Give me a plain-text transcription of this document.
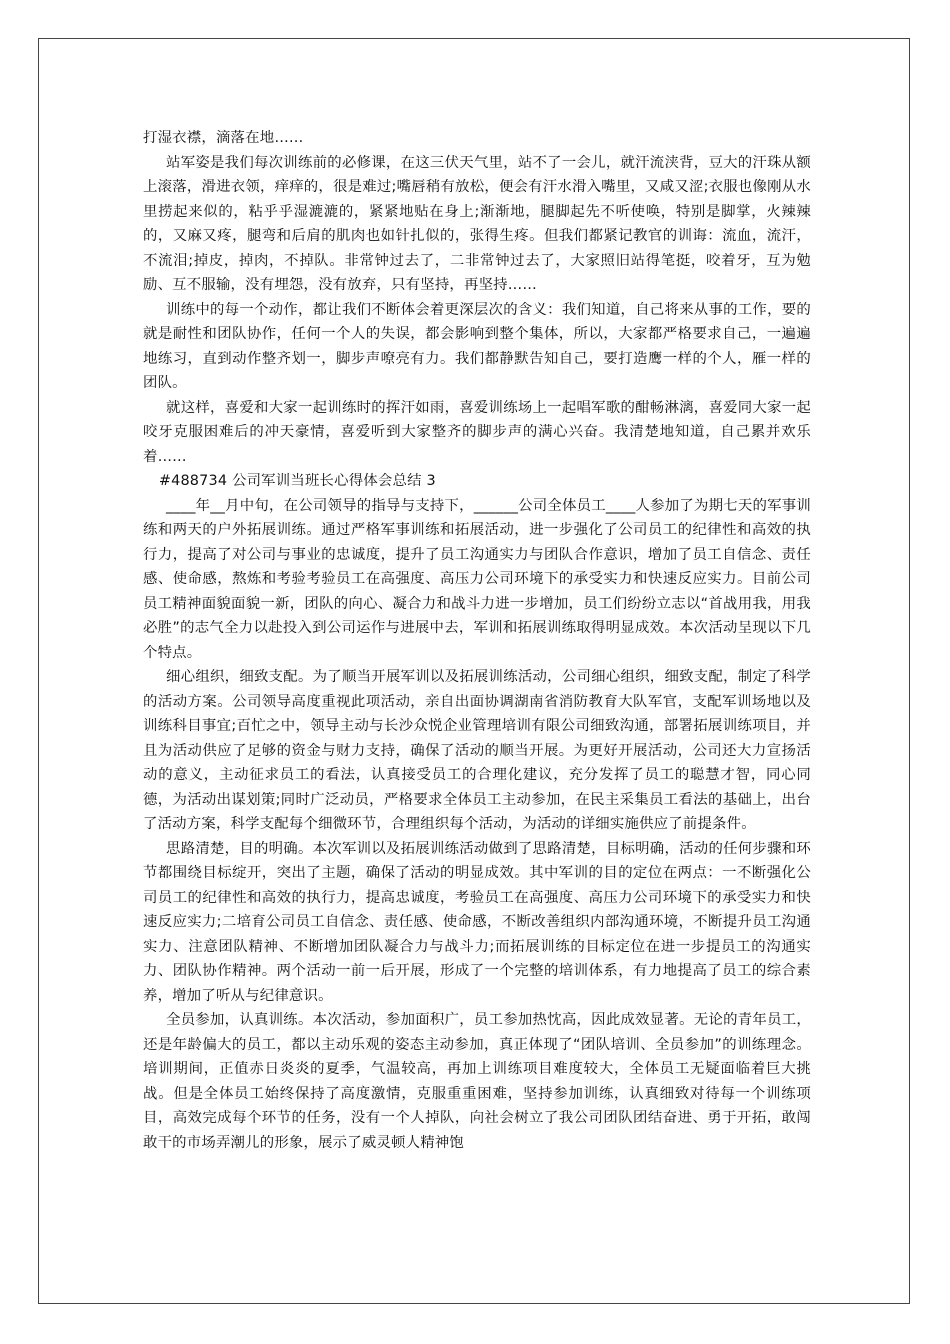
打湿衣襟，滴落在地……

站军姿是我们每次训练前的必修课，在这三伏天气里，站不了一会儿，就汗流浃背，豆大的汗珠从额上滚落，滑进衣领，痒痒的，很是难过;嘴唇稍有放松，便会有汗水滑入嘴里，又咸又涩;衣服也像刚从水里捞起来似的，粘乎乎湿漉漉的，紧紧地贴在身上;渐渐地，腿脚起先不听使唤，特别是脚掌，火辣辣的，又麻又疼，腿弯和后肩的肌肉也如针扎似的，张得生疼。但我们都紧记教官的训诲：流血，流汗，不流泪;掉皮，掉肉，不掉队。非常钟过去了，二非常钟过去了，大家照旧站得笔挺，咬着牙，互为勉励、互不服输，没有埋怨，没有放弃，只有坚持，再坚持……

训练中的每一个动作，都让我们不断体会着更深层次的含义：我们知道，自己将来从事的工作，要的就是耐性和团队协作，任何一个人的失误，都会影响到整个集体，所以，大家都严格要求自己，一遍遍地练习，直到动作整齐划一，脚步声嘹亮有力。我们都静默告知自己，要打造鹰一样的个人，雁一样的团队。

就这样，喜爱和大家一起训练时的挥汗如雨，喜爱训练场上一起唱军歌的酣畅淋漓，喜爱同大家一起咬牙克服困难后的冲天豪情，喜爱听到大家整齐的脚步声的满心兴奋。我清楚地知道，自己累并欢乐着……

#488734 公司军训当班长心得体会总结 3

____年__月中旬，在公司领导的指导与支持下，______公司全体员工____人参加了为期七天的军事训练和两天的户外拓展训练。通过严格军事训练和拓展活动，进一步强化了公司员工的纪律性和高效的执行力，提高了对公司与事业的忠诚度，提升了员工沟通实力与团队合作意识，增加了员工自信念、责任感、使命感，熬炼和考验考验员工在高强度、高压力公司环境下的承受实力和快速反应实力。目前公司员工精神面貌面貌一新，团队的向心、凝合力和战斗力进一步增加，员工们纷纷立志以“首战用我，用我必胜”的志气全力以赴投入到公司运作与进展中去，军训和拓展训练取得明显成效。本次活动呈现以下几个特点。

细心组织，细致支配。为了顺当开展军训以及拓展训练活动，公司细心组织，细致支配，制定了科学的活动方案。公司领导高度重视此项活动，亲自出面协调湖南省消防教育大队军官，支配军训场地以及训练科目事宜;百忙之中，领导主动与长沙众悦企业管理培训有限公司细致沟通，部署拓展训练项目，并且为活动供应了足够的资金与财力支持，确保了活动的顺当开展。为更好开展活动，公司还大力宣扬活动的意义，主动征求员工的看法，认真接受员工的合理化建议，充分发挥了员工的聪慧才智，同心同德，为活动出谋划策;同时广泛动员，严格要求全体员工主动参加，在民主采集员工看法的基础上，出台了活动方案，科学支配每个细微环节，合理组织每个活动，为活动的详细实施供应了前提条件。

思路清楚，目的明确。本次军训以及拓展训练活动做到了思路清楚，目标明确，活动的任何步骤和环节都围绕目标绽开，突出了主题，确保了活动的明显成效。其中军训的目的定位在两点：一不断强化公司员工的纪律性和高效的执行力，提高忠诚度，考验员工在高强度、高压力公司环境下的承受实力和快速反应实力;二培育公司员工自信念、责任感、使命感，不断改善组织内部沟通环境，不断提升员工沟通实力、注意团队精神、不断增加团队凝合力与战斗力;而拓展训练的目标定位在进一步提员工的沟通实力、团队协作精神。两个活动一前一后开展，形成了一个完整的培训体系，有力地提高了员工的综合素养，增加了听从与纪律意识。

全员参加，认真训练。本次活动，参加面积广，员工参加热忱高，因此成效显著。无论的青年员工，还是年龄偏大的员工，都以主动乐观的姿态主动参加，真正体现了“团队培训、全员参加”的训练理念。培训期间，正值赤日炎炎的夏季，气温较高，再加上训练项目难度较大，全体员工无疑面临着巨大挑战。但是全体员工始终保持了高度激情，克服重重困难，坚持参加训练，认真细致对待每一个训练项目，高效完成每个环节的任务，没有一个人掉队，向社会树立了我公司团队团结奋进、勇于开拓，敢闯敢干的市场弄潮儿的形象，展示了威灵顿人精神饱
